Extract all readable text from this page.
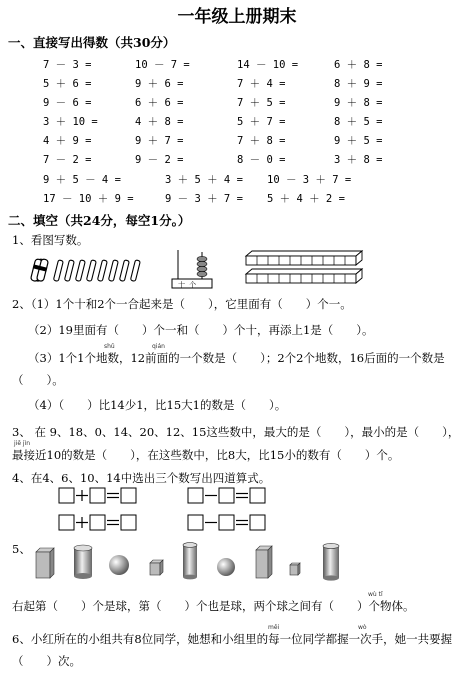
一年级上册期末
一、直接写出得数（共30分）
7 － 3 =	10 － 7 =	14 － 10 =	6 ＋ 8 =
5 ＋ 6 =	9 ＋ 6 =	7 ＋ 4 =	8 ＋ 9 =
9 － 6 =	6 ＋ 6 =	7 ＋ 5 =	9 ＋ 8 =
3 ＋ 10 =	4 ＋ 8 =	5 ＋ 7 =	8 ＋ 5 =
4 ＋ 9 =	9 ＋ 7 =	7 ＋ 8 =	9 ＋ 5 =
7 － 2 =	9 － 2 =	8 － 0 =	3 ＋ 8 =
9 ＋ 5 － 4 =	3 ＋ 5 ＋ 4 = 10 － 3 ＋ 7 =
17 － 10 ＋ 9 =	9 － 3 ＋ 7 = 5 ＋ 4 ＋ 2 =
二、填空（共24分，每空1分。）
1、看图写数。
十 个
2、（1）1个十和2个一合起来是（　　），它里面有（　　）个一。
（2）19里面有（　　）个一和（　　）个十，再添上1是（　　）。
shǔ	qián
（3）1个1个地数，12前面的一个数是（　　）；2个2个地数，16后面的一个数是
（　　）。
（4）（　　）比14少1，比15大1的数是（　　）。
3、 在 9、18、0、14、20、12、15这些数中，最大的是（　　），最小的是（　　），
jiē jìn
最接近10的数是（　　），在这些数中，比8大，比15小的数有（　　）个。
4、在4、6、10、14中选出三个数写出四道算式。
5、
wù tǐ
右起第（　　）个是球，第（　　）个也是球，两个球之间有（　　）个物体。
měi	wò
6、小红所在的小组共有8位同学，她想和小组里的每一位同学都握一次手，她一共要握
（　　）次。
